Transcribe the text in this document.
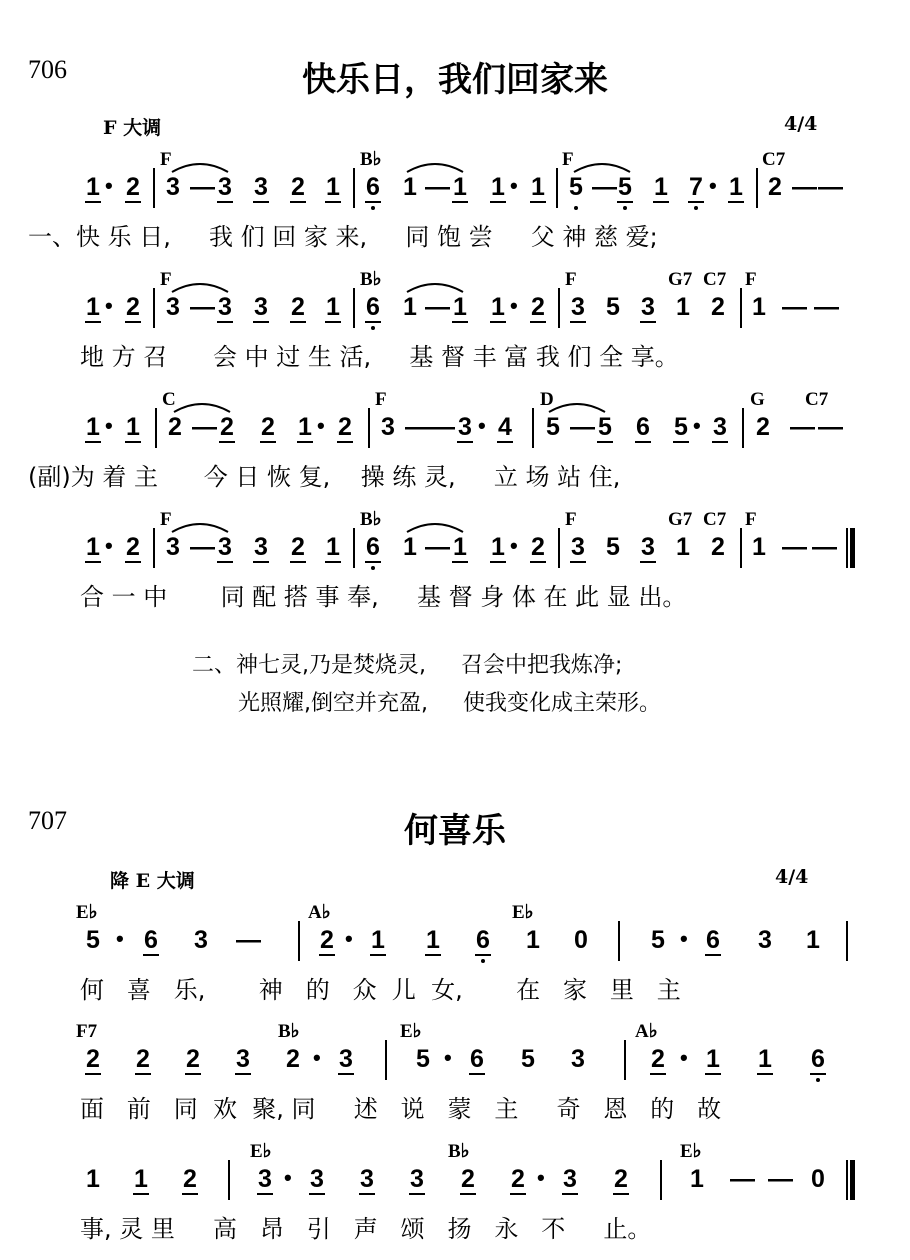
706	快乐日，我们回家来
F 大调	4/4
F	B♭	F	C7
1 • 2 3 — 3 3 2 1 6 1 — 1 1 • 1 5 — 5 1 7 • 1 2 — —
一、快 乐 日,     我 们 回 家 来,     同 饱 尝     父 神 慈 爱;
F	B♭	F	G7 C7 F
1 • 2 3 — 3 3 2 1 6 1 — 1 1 • 2 3 5 3 1 2 1 — —
地 方 召      会 中 过 生 活,     基 督 丰 富 我 们 全 享。
C	F	D	G C7
1 • 1 2 — 2 2 1 • 2 3 — — 3 • 4 5 — 5 6 5 • 3 2 — —
(副)为 着 主      今 日 恢 复,    操 练 灵,     立 场 站 住,
F	B♭	F	G7 C7 F
1 • 2 3 — 3 3 2 1 6 1 — 1 1 • 2 3 5 3 1 2 1 — —
合 一 中       同 配 搭 事 奉,     基 督 身 体 在 此 显 出。
二、神七灵,乃是焚烧灵,     召会中把我炼净;
光照耀,倒空并充盈,     使我变化成主荣形。
707	何喜乐
降 E 大调	4/4
E♭	A♭	E♭
5 • 6 3 — 2 • 1 1 6 1 0	5 • 6 3 1
何   喜   乐,       神   的   众  儿  女,       在   家   里   主
F7	B♭	E♭	A♭
2 2 2 3 2 • 3	5 • 6 5 3	2 • 1 1 6
面   前   同  欢  聚, 同     述   说   蒙   主     奇   恩   的   故
E♭	B♭	E♭
1 1 2 3 • 3 3 3 2 2 • 3 2 1 — — 0
事, 灵 里     高   昂   引   声   颂   扬   永   不     止。
